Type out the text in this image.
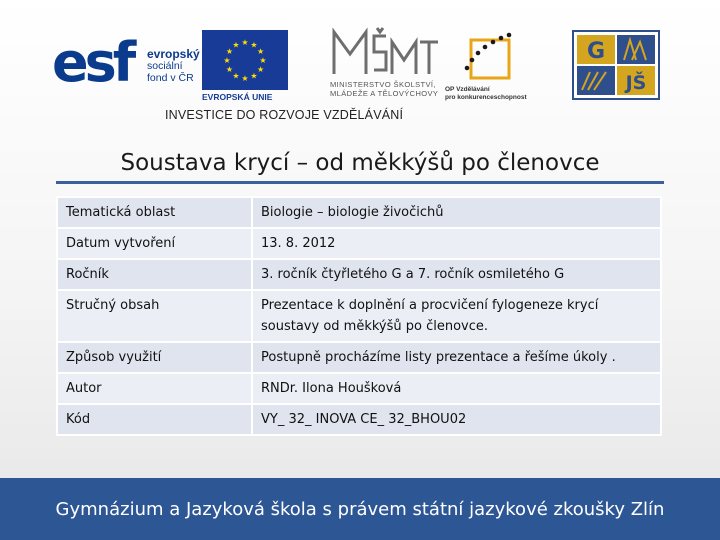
esf evropský
sociální
fond v ČR
★ ★
★
★
★
★
★
★
★
★
★
★
EVROPSKÁ UNIE
MINISTERSTVO ŠKOLSTVÍ,
MLÁDEŽE A TĚLOVÝCHOVY OP Vzdělávání
pro konkurenceschopnost
G
JŠ
INVESTICE DO ROZVOJE VZDĚLÁVÁNÍ
Soustava krycí – od měkkýšů po členovce
Tematická oblast	Biologie – biologie živočichů
Datum vytvoření	13. 8. 2012
Ročník	3. ročník čtyřletého G a 7. ročník osmiletého G
Stručný obsah	Prezentace k doplnění a procvičení fylogeneze krycí soustavy od měkkýšů po členovce.
Způsob využití	Postupně procházíme listy prezentace a řešíme úkoly .
Autor	RNDr. Ilona Houšková
Kód	VY_ 32_ INOVA CE_ 32_BHOU02
Gymnázium a Jazyková škola s právem státní jazykové zkoušky Zlín
